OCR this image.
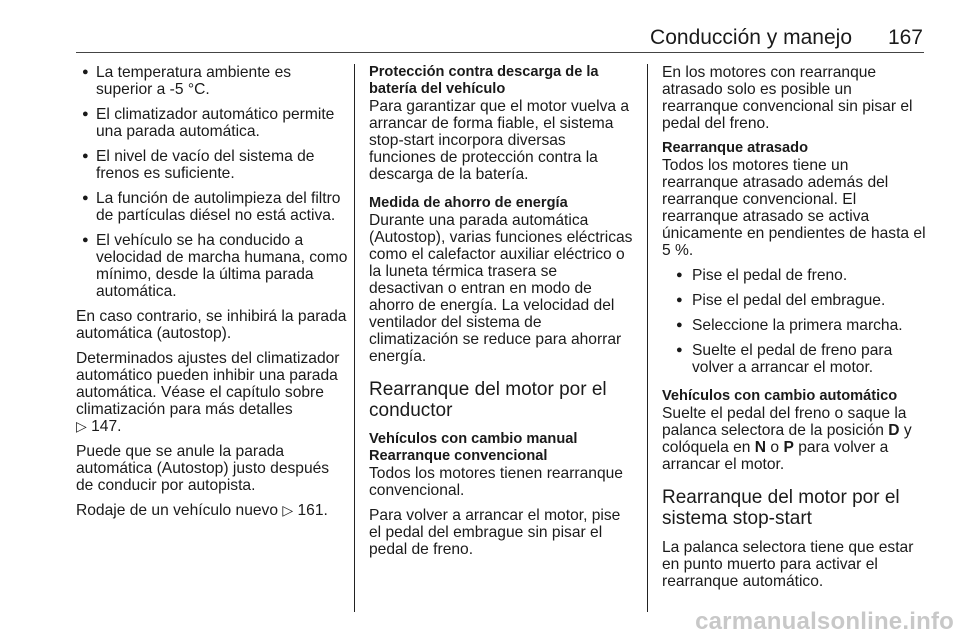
Conducción y manejo 167
● La temperatura ambiente es superior a -5 °C.
● El climatizador automático permite una parada automática.
● El nivel de vacío del sistema de frenos es suficiente.
● La función de autolimpieza del filtro de partículas diésel no está activa.
● El vehículo se ha conducido a velocidad de marcha humana, como mínimo, desde la última parada automática.

En caso contrario, se inhibirá la parada automática (autostop).

Determinados ajustes del climatizador automático pueden inhibir una parada automática. Véase el capítulo sobre climatización para más detalles
▷ 147.

Puede que se anule la parada automática (Autostop) justo después de conducir por autopista.

Rodaje de un vehículo nuevo ▷ 161.

Protección contra descarga de la batería del vehículo

Para garantizar que el motor vuelva a arrancar de forma fiable, el sistema stop-start incorpora diversas funciones de protección contra la descarga de la batería.

Medida de ahorro de energía

Durante una parada automática (Autostop), varias funciones eléctricas como el calefactor auxiliar eléctrico o la luneta térmica trasera se desactivan o entran en modo de ahorro de energía. La velocidad del ventilador del sistema de climatización se reduce para ahorrar energía.

Rearranque del motor por el conductor
Vehículos con cambio manual
Rearranque convencional

Todos los motores tienen rearranque convencional.

Para volver a arrancar el motor, pise el pedal del embrague sin pisar el pedal de freno.

En los motores con rearranque atrasado solo es posible un rearranque convencional sin pisar el pedal del freno.

Rearranque atrasado

Todos los motores tiene un rearranque atrasado además del rearranque convencional. El rearranque atrasado se activa únicamente en pendientes de hasta el 5 %.

● Pise el pedal de freno.
● Pise el pedal del embrague.
● Seleccione la primera marcha.
● Suelte el pedal de freno para volver a arrancar el motor.
Vehículos con cambio automático

Suelte el pedal del freno o saque la palanca selectora de la posición D y colóquela en N o P para volver a arrancar el motor.

Rearranque del motor por el sistema stop-start

La palanca selectora tiene que estar en punto muerto para activar el rearranque automático.

carmanualsonline.info
